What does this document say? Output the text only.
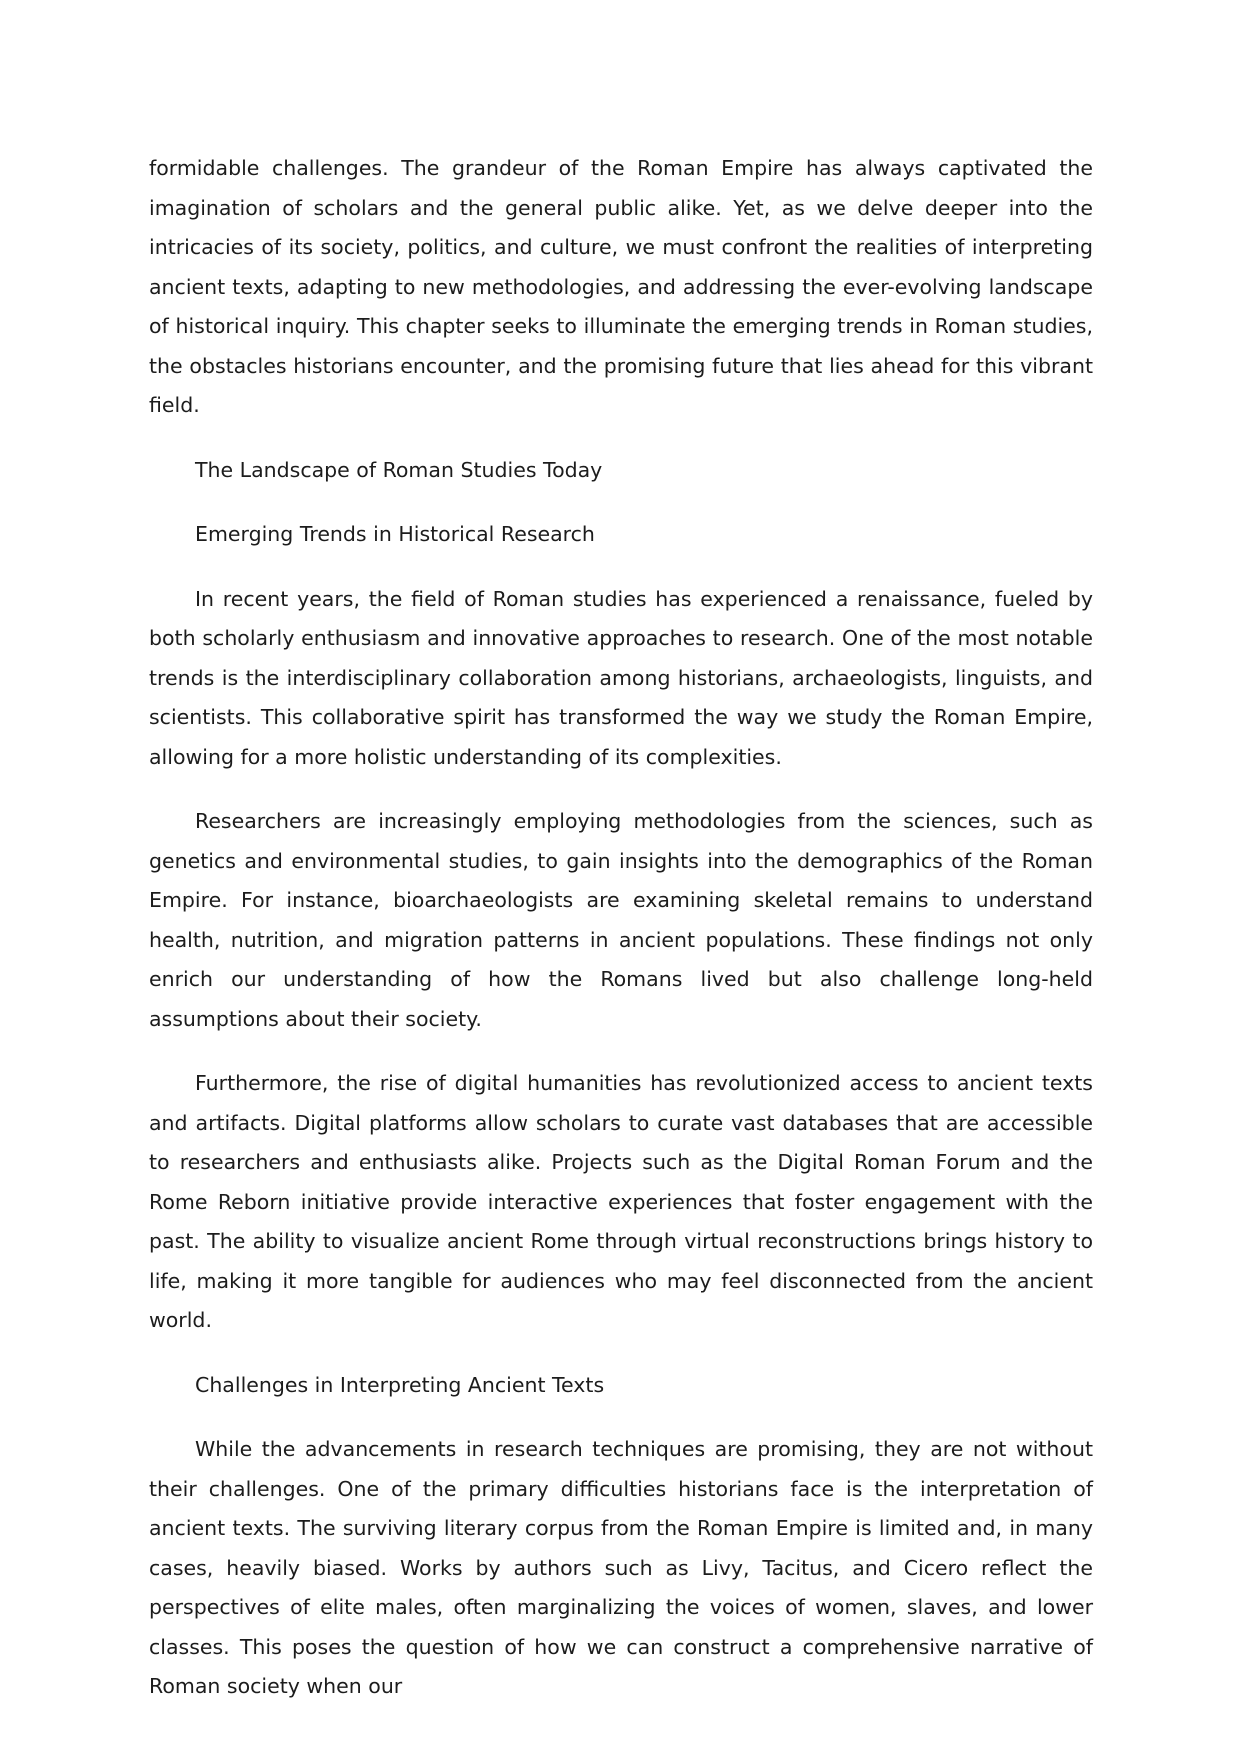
formidable challenges. The grandeur of the Roman Empire has always captivated the imagination of scholars and the general public alike. Yet, as we delve deeper into the intricacies of its society, politics, and culture, we must confront the realities of interpreting ancient texts, adapting to new methodologies, and addressing the ever-evolving landscape of historical inquiry. This chapter seeks to illuminate the emerging trends in Roman studies, the obstacles historians encounter, and the promising future that lies ahead for this vibrant field.

The Landscape of Roman Studies Today

Emerging Trends in Historical Research

In recent years, the field of Roman studies has experienced a renaissance, fueled by both scholarly enthusiasm and innovative approaches to research. One of the most notable trends is the interdisciplinary collaboration among historians, archaeologists, linguists, and scientists. This collaborative spirit has transformed the way we study the Roman Empire, allowing for a more holistic understanding of its complexities.

Researchers are increasingly employing methodologies from the sciences, such as genetics and environmental studies, to gain insights into the demographics of the Roman Empire. For instance, bioarchaeologists are examining skeletal remains to understand health, nutrition, and migration patterns in ancient populations. These findings not only enrich our understanding of how the Romans lived but also challenge long-held assumptions about their society.

Furthermore, the rise of digital humanities has revolutionized access to ancient texts and artifacts. Digital platforms allow scholars to curate vast databases that are accessible to researchers and enthusiasts alike. Projects such as the Digital Roman Forum and the Rome Reborn initiative provide interactive experiences that foster engagement with the past. The ability to visualize ancient Rome through virtual reconstructions brings history to life, making it more tangible for audiences who may feel disconnected from the ancient world.

Challenges in Interpreting Ancient Texts

While the advancements in research techniques are promising, they are not without their challenges. One of the primary difficulties historians face is the interpretation of ancient texts. The surviving literary corpus from the Roman Empire is limited and, in many cases, heavily biased. Works by authors such as Livy, Tacitus, and Cicero reflect the perspectives of elite males, often marginalizing the voices of women, slaves, and lower classes. This poses the question of how we can construct a comprehensive narrative of Roman society when our
